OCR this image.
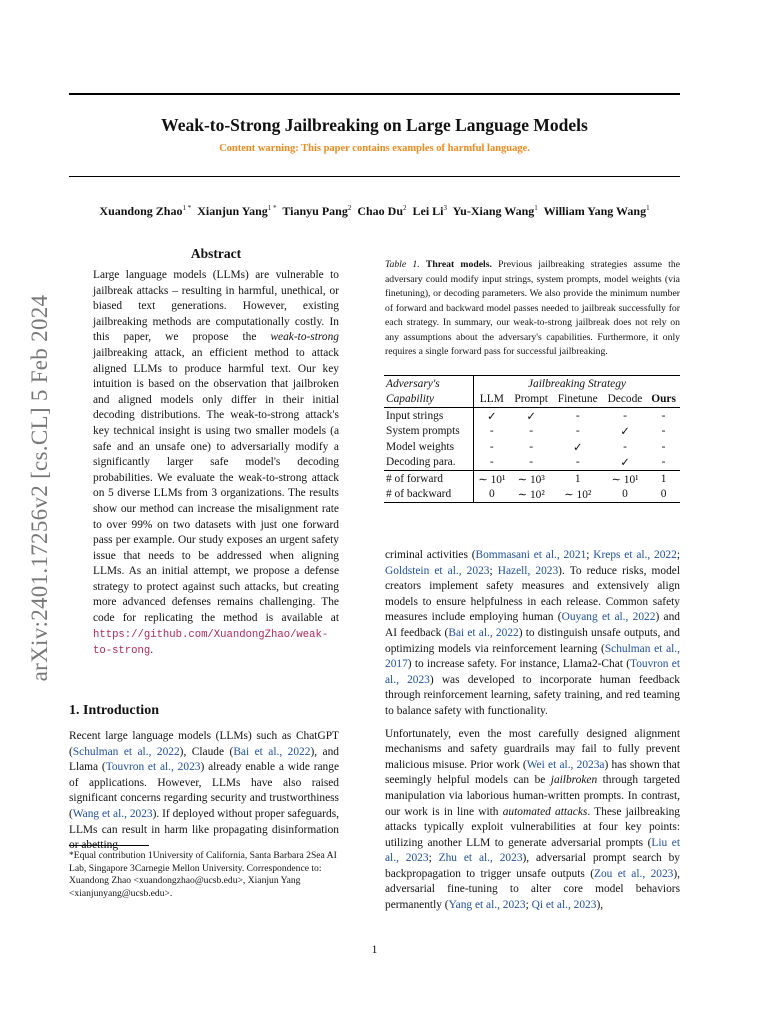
arXiv:2401.17256v2 [cs.CL] 5 Feb 2024
Weak-to-Strong Jailbreaking on Large Language Models
Content warning: This paper contains examples of harmful language.
Xuandong Zhao$^{1 *}$ Xianjun Yang$^{1 *}$ Tianyu Pang$^2$ Chao Du$^2$ Lei Li$^3$ Yu-Xiang Wang$^1$ William Yang Wang$^1$
Abstract
Large language models (LLMs) are vulnerable to jailbreak attacks – resulting in harmful, unethical, or biased text generations. However, existing jailbreaking methods are computationally costly. In this paper, we propose the weak-to-strong jailbreaking attack, an efficient method to attack aligned LLMs to produce harmful text. Our key intuition is based on the observation that jailbroken and aligned models only differ in their initial decoding distributions. The weak-to-strong attack's key technical insight is using two smaller models (a safe and an unsafe one) to adversarially modify a significantly larger safe model's decoding probabilities. We evaluate the weak-to-strong attack on 5 diverse LLMs from 3 organizations. The results show our method can increase the misalignment rate to over 99% on two datasets with just one forward pass per example. Our study exposes an urgent safety issue that needs to be addressed when aligning LLMs. As an initial attempt, we propose a defense strategy to protect against such attacks, but creating more advanced defenses remains challenging. The code for replicating the method is available at https://github.com/XuandongZhao/weak-to-strong.
1. Introduction
Recent large language models (LLMs) such as ChatGPT (Schulman et al., 2022), Claude (Bai et al., 2022), and Llama (Touvron et al., 2023) already enable a wide range of applications. However, LLMs have also raised significant concerns regarding security and trustworthiness (Wang et al., 2023). If deployed without proper safeguards, LLMs can result in harm like propagating disinformation or abetting
*Equal contribution 1University of California, Santa Barbara 2Sea AI Lab, Singapore 3Carnegie Mellon University. Correspondence to: Xuandong Zhao <xuandongzhao@ucsb.edu>, Xianjun Yang <xianjunyang@ucsb.edu>.
Table 1. Threat models. Previous jailbreaking strategies assume the adversary could modify input strings, system prompts, model weights (via finetuning), or decoding parameters. We also provide the minimum number of forward and backward model passes needed to jailbreak successfully for each strategy. In summary, our weak-to-strong jailbreak does not rely on any assumptions about the adversary's capabilities. Furthermore, it only requires a single forward pass for successful jailbreaking.
Adversary's	Jailbreaking Strategy				
Capability	LLM	Prompt	Finetune	Decode	Ours
Input strings	✓	✓	-	-	-
System prompts	-	-	-	✓	-
Model weights	-	-	✓	-	-
Decoding para.	-	-	-	✓	-
# of forward	∼ 10¹	∼ 10³	1	∼ 10¹	1
# of backward	0	∼ 10²	∼ 10²	0	0
criminal activities (Bommasani et al., 2021; Kreps et al., 2022; Goldstein et al., 2023; Hazell, 2023). To reduce risks, model creators implement safety measures and extensively align models to ensure helpfulness in each release. Common safety measures include employing human (Ouyang et al., 2022) and AI feedback (Bai et al., 2022) to distinguish unsafe outputs, and optimizing models via reinforcement learning (Schulman et al., 2017) to increase safety. For instance, Llama2-Chat (Touvron et al., 2023) was developed to incorporate human feedback through reinforcement learning, safety training, and red teaming to balance safety with functionality.
Unfortunately, even the most carefully designed alignment mechanisms and safety guardrails may fail to fully prevent malicious misuse. Prior work (Wei et al., 2023a) has shown that seemingly helpful models can be jailbroken through targeted manipulation via laborious human-written prompts. In contrast, our work is in line with automated attacks. These jailbreaking attacks typically exploit vulnerabilities at four key points: utilizing another LLM to generate adversarial prompts (Liu et al., 2023; Zhu et al., 2023), adversarial prompt search by backpropagation to trigger unsafe outputs (Zou et al., 2023), adversarial fine-tuning to alter core model behaviors permanently (Yang et al., 2023; Qi et al., 2023),
1
